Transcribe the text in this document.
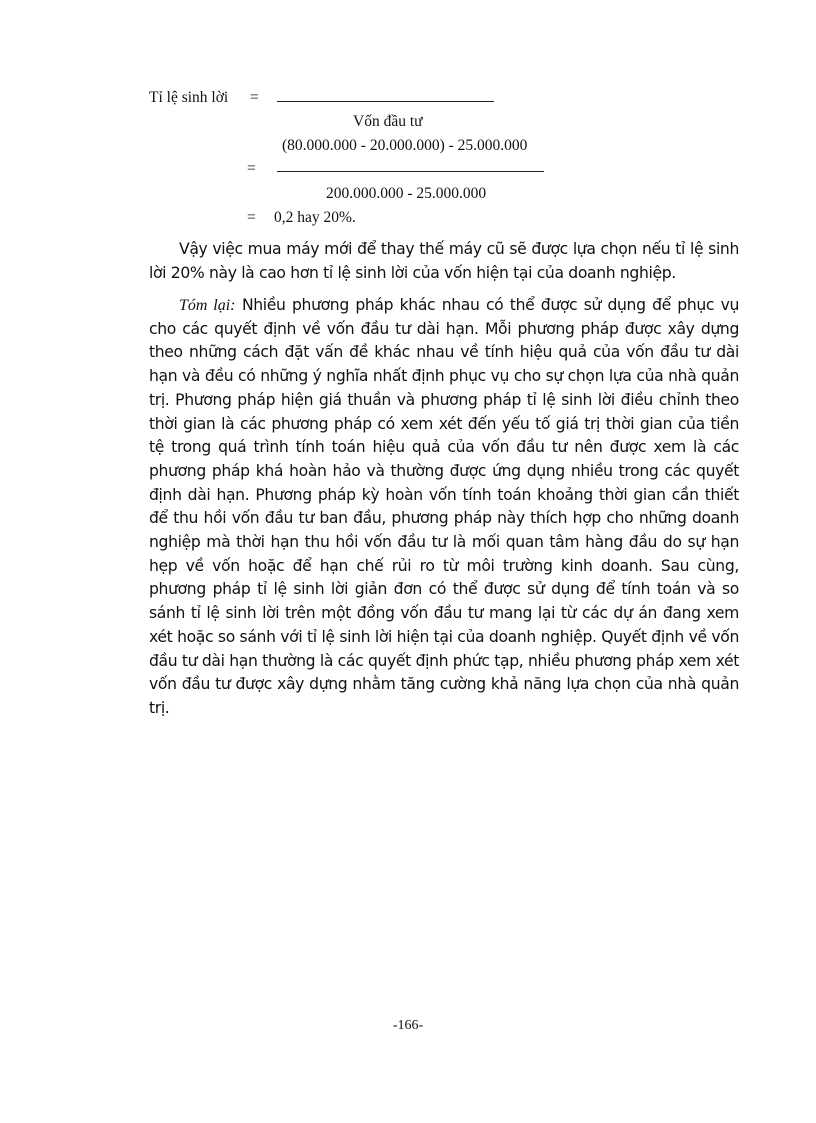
Tỉ lệ sinh lời =
Vốn đầu tư
(80.000.000 - 20.000.000) - 25.000.000
=
200.000.000 - 25.000.000
= 0,2 hay 20%.

Vậy việc mua máy mới để thay thế máy cũ sẽ được lựa chọn nếu tỉ lệ sinh lời 20% này là cao hơn tỉ lệ sinh lời của vốn hiện tại của doanh nghiệp.

Tóm lại: Nhiều phương pháp khác nhau có thể được sử dụng để phục vụ cho các quyết định về vốn đầu tư dài hạn. Mỗi phương pháp được xây dựng theo những cách đặt vấn đề khác nhau về tính hiệu quả của vốn đầu tư dài hạn và đều có những ý nghĩa nhất định phục vụ cho sự chọn lựa của nhà quản trị. Phương pháp hiện giá thuần và phương pháp tỉ lệ sinh lời điều chỉnh theo thời gian là các phương pháp có xem xét đến yếu tố giá trị thời gian của tiền tệ trong quá trình tính toán hiệu quả của vốn đầu tư nên được xem là các phương pháp khá hoàn hảo và thường được ứng dụng nhiều trong các quyết định dài hạn. Phương pháp kỳ hoàn vốn tính toán khoảng thời gian cần thiết để thu hồi vốn đầu tư ban đầu, phương pháp này thích hợp cho những doanh nghiệp mà thời hạn thu hồi vốn đầu tư là mối quan tâm hàng đầu do sự hạn hẹp về vốn hoặc để hạn chế rủi ro từ môi trường kinh doanh. Sau cùng, phương pháp tỉ lệ sinh lời giản đơn có thể được sử dụng để tính toán và so sánh tỉ lệ sinh lời trên một đồng vốn đầu tư mang lại từ các dự án đang xem xét hoặc so sánh với tỉ lệ sinh lời hiện tại của doanh nghiệp. Quyết định về vốn đầu tư dài hạn thường là các quyết định phức tạp, nhiều phương pháp xem xét vốn đầu tư được xây dựng nhằm tăng cường khả năng lựa chọn của nhà quản trị.

-166-
